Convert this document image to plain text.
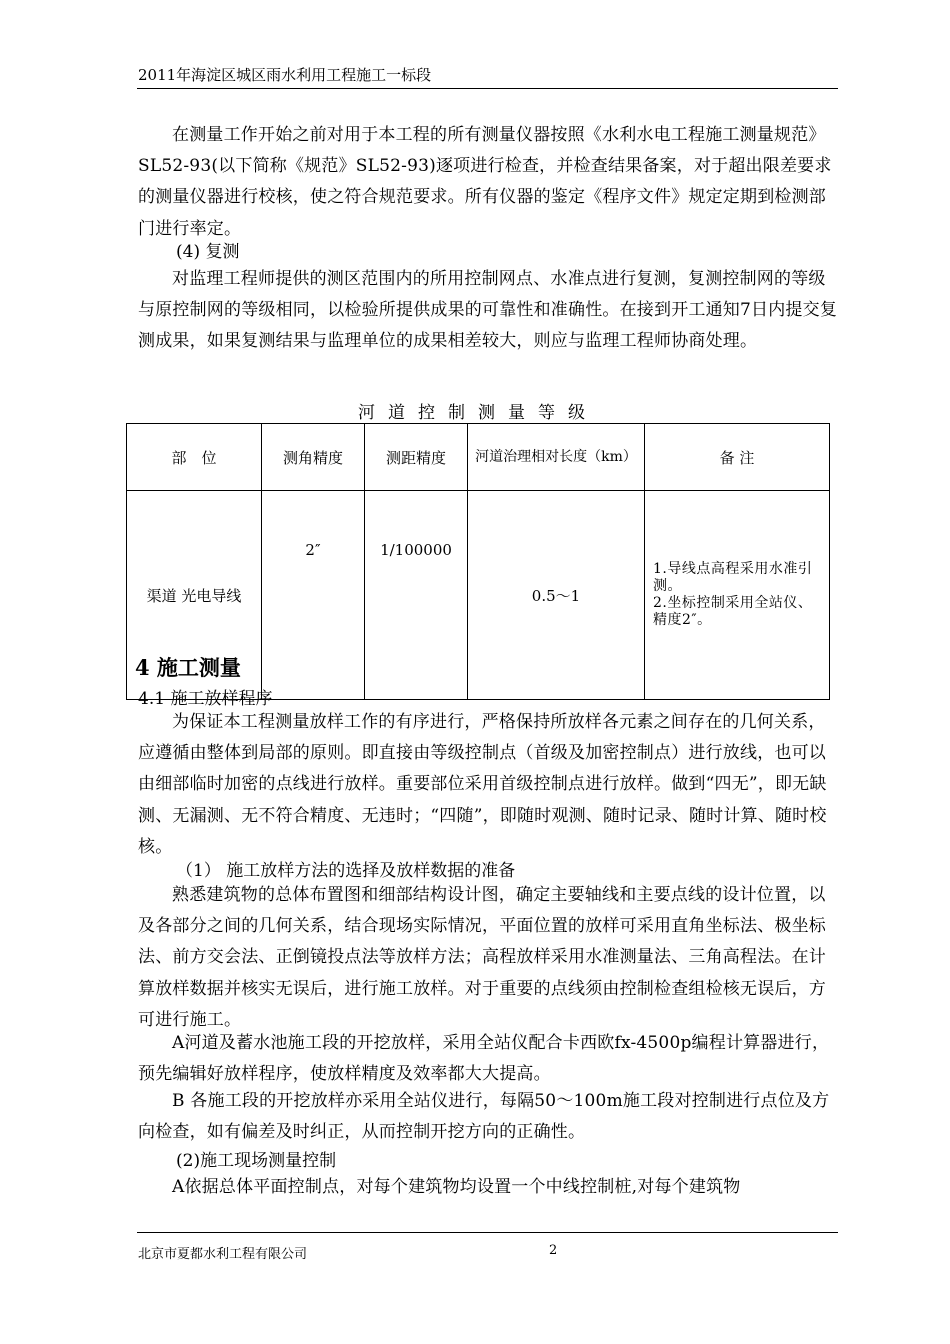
2011年海淀区城区雨水利用工程施工一标段

在测量工作开始之前对用于本工程的所有测量仪器按照《水利水电工程施工测量规范》SL52-93(以下简称《规范》SL52-93)逐项进行检查，并检查结果备案，对于超出限差要求的测量仪器进行校核，使之符合规范要求。所有仪器的鉴定《程序文件》规定定期到检测部门进行率定。

(4) 复测

对监理工程师提供的测区范围内的所用控制网点、水准点进行复测，复测控制网的等级与原控制网的等级相同，以检验所提供成果的可靠性和准确性。在接到开工通知7日内提交复测成果，如果复测结果与监理单位的成果相差较大，则应与监理工程师协商处理。

河道控制测量等级
部　位	测角精度	测距精度	河道治理相对长度（km）	备 注
渠道 光电导线	2″	1/100000	0.5～1	1.导线点高程采用水准引测。
2.坐标控制采用全站仪、精度2″。
4 施工测量
4.1 施工放样程序

为保证本工程测量放样工作的有序进行，严格保持所放样各元素之间存在的几何关系，应遵循由整体到局部的原则。即直接由等级控制点（首级及加密控制点）进行放线，也可以由细部临时加密的点线进行放样。重要部位采用首级控制点进行放样。做到“四无”，即无缺测、无漏测、无不符合精度、无违时；“四随”，即随时观测、随时记录、随时计算、随时校核。

（1） 施工放样方法的选择及放样数据的准备

熟悉建筑物的总体布置图和细部结构设计图，确定主要轴线和主要点线的设计位置，以及各部分之间的几何关系，结合现场实际情况，平面位置的放样可采用直角坐标法、极坐标法、前方交会法、正倒镜投点法等放样方法；高程放样采用水准测量法、三角高程法。在计算放样数据并核实无误后，进行施工放样。对于重要的点线须由控制检查组检核无误后，方可进行施工。

A河道及蓄水池施工段的开挖放样，采用全站仪配合卡西欧fx-4500p编程计算器进行，预先编辑好放样程序，使放样精度及效率都大大提高。

B 各施工段的开挖放样亦采用全站仪进行，每隔50～100m施工段对控制进行点位及方向检查，如有偏差及时纠正，从而控制开挖方向的正确性。

(2)施工现场测量控制

A依据总体平面控制点，对每个建筑物均设置一个中线控制桩,对每个建筑物

北京市夏都水利工程有限公司	2
